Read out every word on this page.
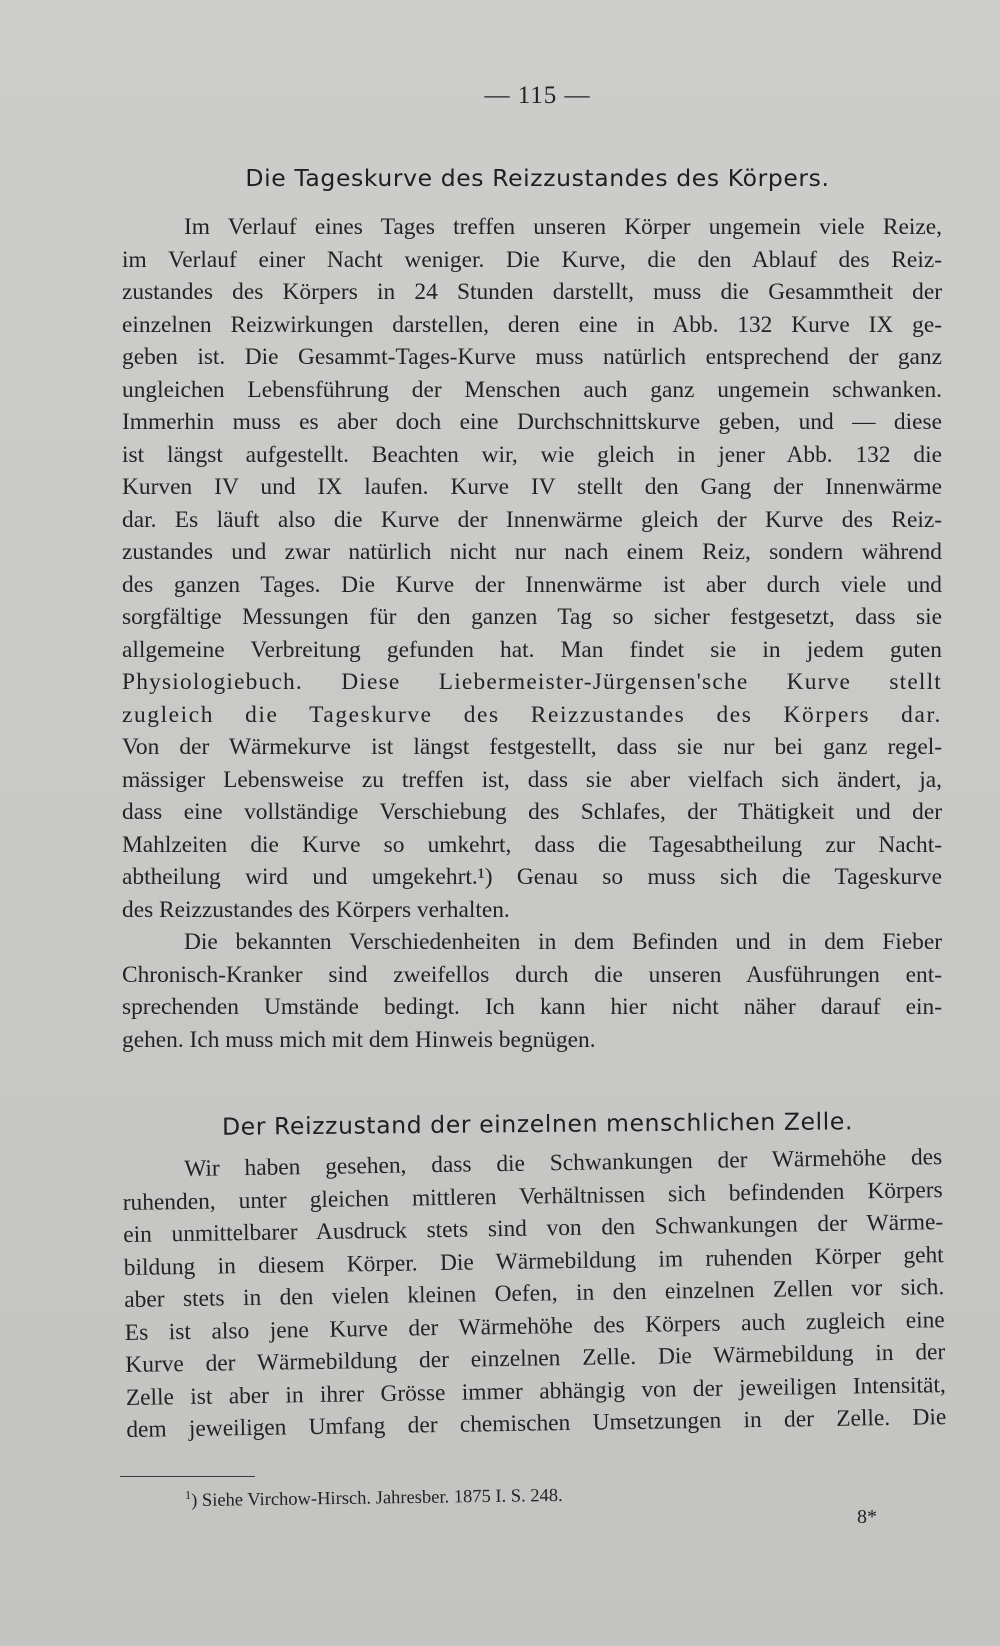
— 115 —
Die Tageskurve des Reizzustandes des Körpers.
Im Verlauf eines Tages treffen unseren Körper ungemein viele Reize,
im Verlauf einer Nacht weniger. Die Kurve, die den Ablauf des Reiz-
zustandes des Körpers in 24 Stunden darstellt, muss die Gesammtheit der
einzelnen Reizwirkungen darstellen, deren eine in Abb. 132 Kurve IX ge-
geben ist. Die Gesammt-Tages-Kurve muss natürlich entsprechend der ganz
ungleichen Lebensführung der Menschen auch ganz ungemein schwanken.
Immerhin muss es aber doch eine Durchschnittskurve geben, und — diese
ist längst aufgestellt. Beachten wir, wie gleich in jener Abb. 132 die
Kurven IV und IX laufen. Kurve IV stellt den Gang der Innenwärme
dar. Es läuft also die Kurve der Innenwärme gleich der Kurve des Reiz-
zustandes und zwar natürlich nicht nur nach einem Reiz, sondern während
des ganzen Tages. Die Kurve der Innenwärme ist aber durch viele und
sorgfältige Messungen für den ganzen Tag so sicher festgesetzt, dass sie
allgemeine Verbreitung gefunden hat. Man findet sie in jedem guten
Physiologiebuch. Diese Liebermeister-Jürgensen'sche Kurve stellt
zugleich die Tageskurve des Reizzustandes des Körpers dar.
Von der Wärmekurve ist längst festgestellt, dass sie nur bei ganz regel-
mässiger Lebensweise zu treffen ist, dass sie aber vielfach sich ändert, ja,
dass eine vollständige Verschiebung des Schlafes, der Thätigkeit und der
Mahlzeiten die Kurve so umkehrt, dass die Tagesabtheilung zur Nacht-
abtheilung wird und umgekehrt.¹) Genau so muss sich die Tageskurve
des Reizzustandes des Körpers verhalten.
Die bekannten Verschiedenheiten in dem Befinden und in dem Fieber
Chronisch-Kranker sind zweifellos durch die unseren Ausführungen ent-
sprechenden Umstände bedingt. Ich kann hier nicht näher darauf ein-
gehen. Ich muss mich mit dem Hinweis begnügen.
Der Reizzustand der einzelnen menschlichen Zelle.
Wir haben gesehen, dass die Schwankungen der Wärmehöhe des
ruhenden, unter gleichen mittleren Verhältnissen sich befindenden Körpers
ein unmittelbarer Ausdruck stets sind von den Schwankungen der Wärme-
bildung in diesem Körper. Die Wärmebildung im ruhenden Körper geht
aber stets in den vielen kleinen Oefen, in den einzelnen Zellen vor sich.
Es ist also jene Kurve der Wärmehöhe des Körpers auch zugleich eine
Kurve der Wärmebildung der einzelnen Zelle. Die Wärmebildung in der
Zelle ist aber in ihrer Grösse immer abhängig von der jeweiligen Intensität,
dem jeweiligen Umfang der chemischen Umsetzungen in der Zelle. Die
$^1$) Siehe Virchow-Hirsch. Jahresber. 1875 I. S. 248.
8*
